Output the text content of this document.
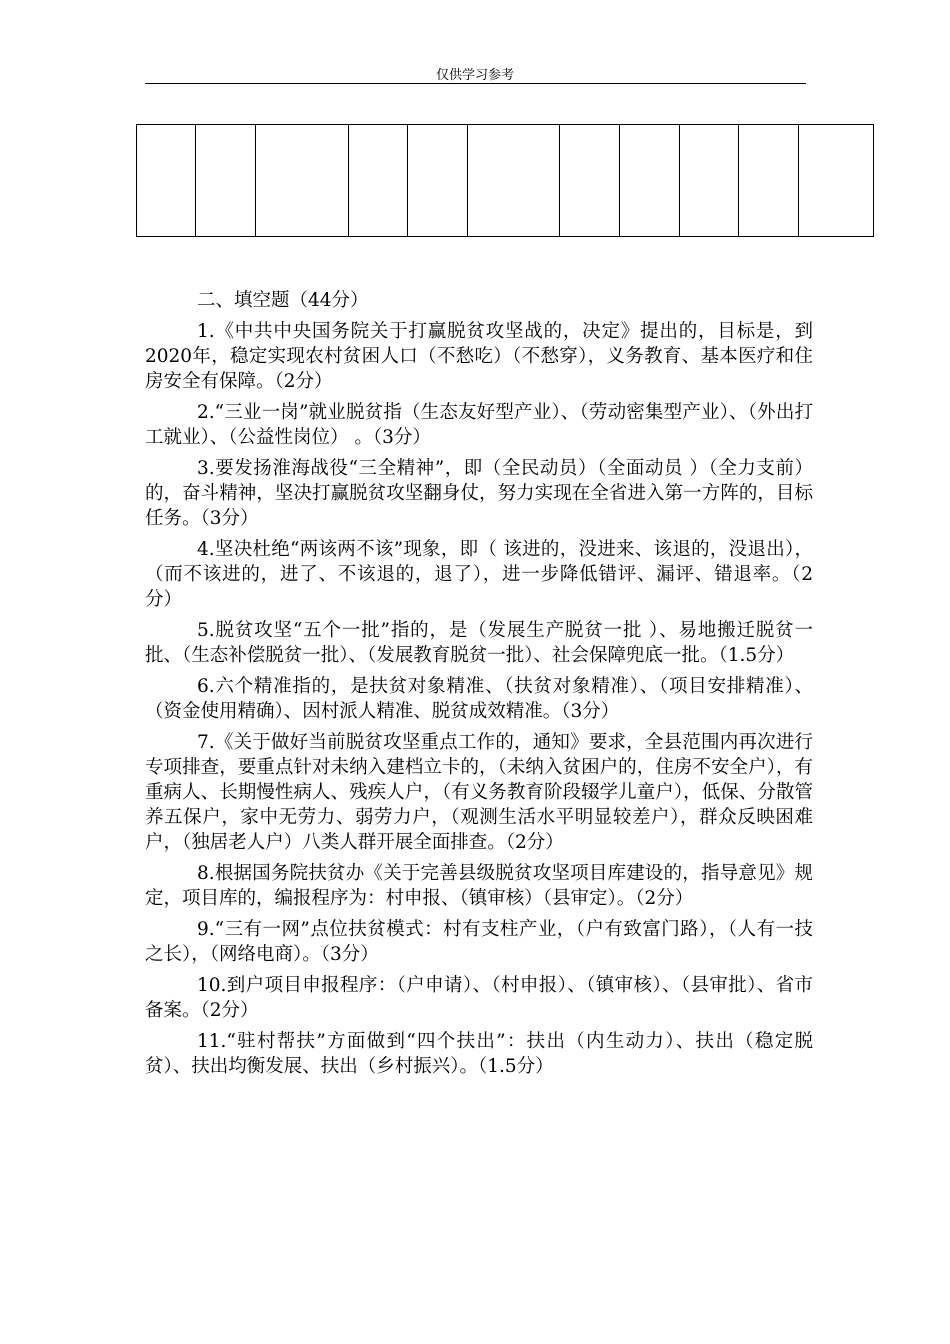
仅供学习参考

二、填空题（44分）

1.《中共中央国务院关于打赢脱贫攻坚战的，决定》提出的，目标是，到2020年，稳定实现农村贫困人口（不愁吃）（不愁穿），义务教育、基本医疗和住房安全有保障。（2分）

2.“三业一岗”就业脱贫指（生态友好型产业）、（劳动密集型产业）、（外出打工就业）、（公益性岗位） 。（3分）

3.要发扬淮海战役“三全精神”，即（全民动员）（全面动员 ）（全力支前）的，奋斗精神，坚决打赢脱贫攻坚翻身仗，努力实现在全省进入第一方阵的，目标任务。（3分）

4.坚决杜绝“两该两不该”现象，即（ 该进的，没进来、该退的，没退出），（而不该进的，进了、不该退的，退了），进一步降低错评、漏评、错退率。（2分）

5.脱贫攻坚“五个一批”指的，是（发展生产脱贫一批 ）、易地搬迁脱贫一批、（生态补偿脱贫一批）、（发展教育脱贫一批）、社会保障兜底一批。（1.5分）

6.六个精准指的，是扶贫对象精准、（扶贫对象精准）、（项目安排精准）、（资金使用精确）、因村派人精准、脱贫成效精准。（3分）

7.《关于做好当前脱贫攻坚重点工作的，通知》要求，全县范围内再次进行专项排查，要重点针对未纳入建档立卡的，（未纳入贫困户的，住房不安全户），有重病人、长期慢性病人、残疾人户，（有义务教育阶段辍学儿童户），低保、分散管养五保户，家中无劳力、弱劳力户，（观测生活水平明显较差户），群众反映困难户，（独居老人户）八类人群开展全面排查。（2分）

8.根据国务院扶贫办《关于完善县级脱贫攻坚项目库建设的，指导意见》规定，项目库的，编报程序为：村申报、（镇审核）（县审定）。（2分）

9.“三有一网”点位扶贫模式：村有支柱产业，（户有致富门路），（人有一技之长），（网络电商）。（3分）

10.到户项目申报程序：（户申请）、（村申报）、（镇审核）、（县审批）、省市备案。（2分）

11.“驻村帮扶”方面做到“四个扶出”：扶出（内生动力）、扶出（稳定脱贫）、扶出均衡发展、扶出（乡村振兴）。（1.5分）
